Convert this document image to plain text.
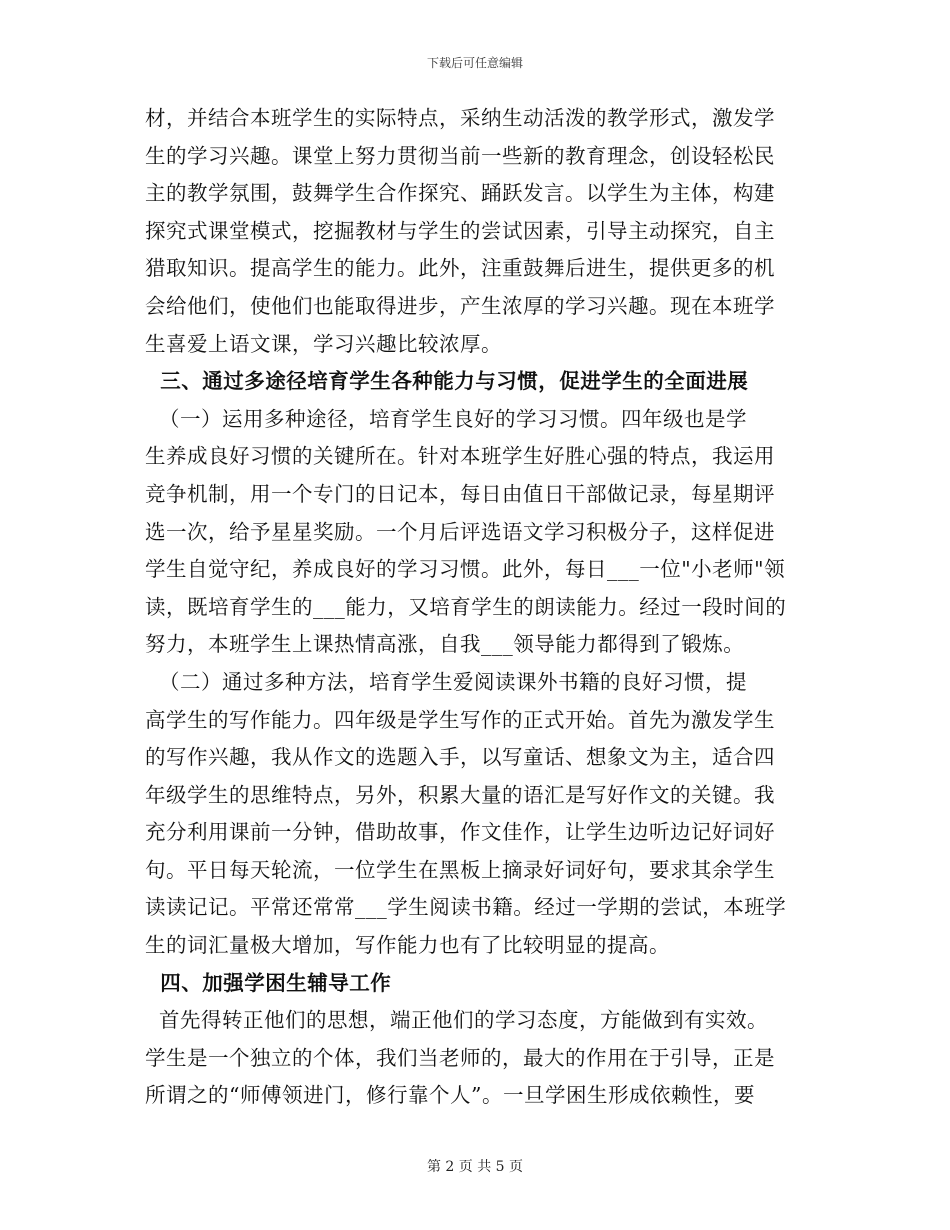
下载后可任意编辑
材，并结合本班学生的实际特点，采纳生动活泼的教学形式，激发学
生的学习兴趣。课堂上努力贯彻当前一些新的教育理念，创设轻松民
主的教学氛围，鼓舞学生合作探究、踊跃发言。以学生为主体，构建
探究式课堂模式，挖掘教材与学生的尝试因素，引导主动探究，自主
猎取知识。提高学生的能力。此外，注重鼓舞后进生，提供更多的机
会给他们，使他们也能取得进步，产生浓厚的学习兴趣。现在本班学
生喜爱上语文课，学习兴趣比较浓厚。
三、通过多途径培育学生各种能力与习惯，促进学生的全面进展
（一）运用多种途径，培育学生良好的学习习惯。四年级也是学
生养成良好习惯的关键所在。针对本班学生好胜心强的特点，我运用
竞争机制，用一个专门的日记本，每日由值日干部做记录，每星期评
选一次，给予星星奖励。一个月后评选语文学习积极分子，这样促进
学生自觉守纪，养成良好的学习习惯。此外，每日___一位"小老师"领
读，既培育学生的___能力，又培育学生的朗读能力。经过一段时间的
努力，本班学生上课热情高涨，自我___领导能力都得到了锻炼。
（二）通过多种方法，培育学生爱阅读课外书籍的良好习惯，提
高学生的写作能力。四年级是学生写作的正式开始。首先为激发学生
的写作兴趣，我从作文的选题入手，以写童话、想象文为主，适合四
年级学生的思维特点，另外，积累大量的语汇是写好作文的关键。我
充分利用课前一分钟，借助故事，作文佳作，让学生边听边记好词好
句。平日每天轮流，一位学生在黑板上摘录好词好句，要求其余学生
读读记记。平常还常常___学生阅读书籍。经过一学期的尝试，本班学
生的词汇量极大增加，写作能力也有了比较明显的提高。
四、加强学困生辅导工作
首先得转正他们的思想，端正他们的学习态度，方能做到有实效。
学生是一个独立的个体，我们当老师的，最大的作用在于引导，正是
所谓之的“师傅领进门，修行靠个人”。一旦学困生形成依赖性，要
第 2 页 共 5 页
